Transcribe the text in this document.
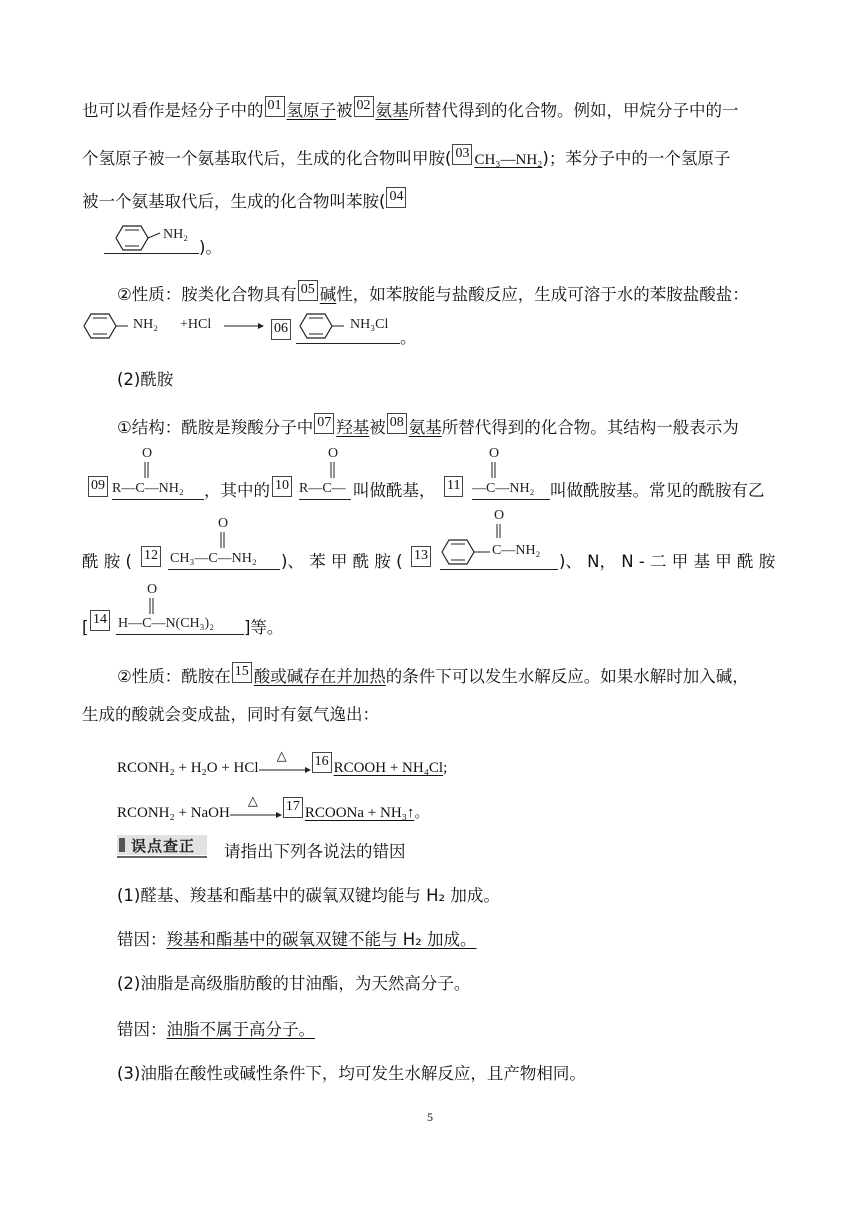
也可以看作是烃分子中的 01 氢原子被 02 氨基所替代得到的化合物。例如，甲烷分子中的一
个氢原子被一个氨基取代后，生成的化合物叫甲胺( 03 CH₃—NH₂)；苯分子中的一个氢原子
被一个氨基取代后，生成的化合物叫苯胺( 04
NH₂
)。
②性质：胺类化合物具有 05 碱性，如苯胺能与盐酸反应，生成可溶于水的苯胺盐酸盐：
NH₂ +HCl → 06	NH₃Cl
。
(2)酰胺
①结构：酰胺是羧酸分子中 07 羟基被 08 氨基所替代得到的化合物。其结构一般表示为
09
O
R—C—NH₂ ，其中的 10
O
R—C— 叫做酰基， 11
O
—C—NH₂ 叫做酰胺基。常见的酰胺有乙
酰 胺 ( 12
O
CH₃—C—NH₂ )、 苯 甲 酰 胺 ( 13
O
C—NH₂
)、 N， N - 二 甲 基 甲 酰 胺
[ 14
O
H—C—N(CH₃)₂ ]等。
②性质：酰胺在 15 酸或碱存在并加热的条件下可以发生水解反应。如果水解时加入碱，
生成的酸就会变成盐，同时有氨气逸出：
RCONH₂ + H₂O + HCl
△ 16 RCOOH + NH₄Cl;
RCONH₂ + NaOH
△ 17 RCOONa + NH₃↑。
误点查正 请指出下列各说法的错因
(1)醛基、羧基和酯基中的碳氧双键均能与 H₂ 加成。
错因：羧基和酯基中的碳氧双键不能与 H₂ 加成。
(2)油脂是高级脂肪酸的甘油酯，为天然高分子。
错因：油脂不属于高分子。
(3)油脂在酸性或碱性条件下，均可发生水解反应，且产物相同。
5
